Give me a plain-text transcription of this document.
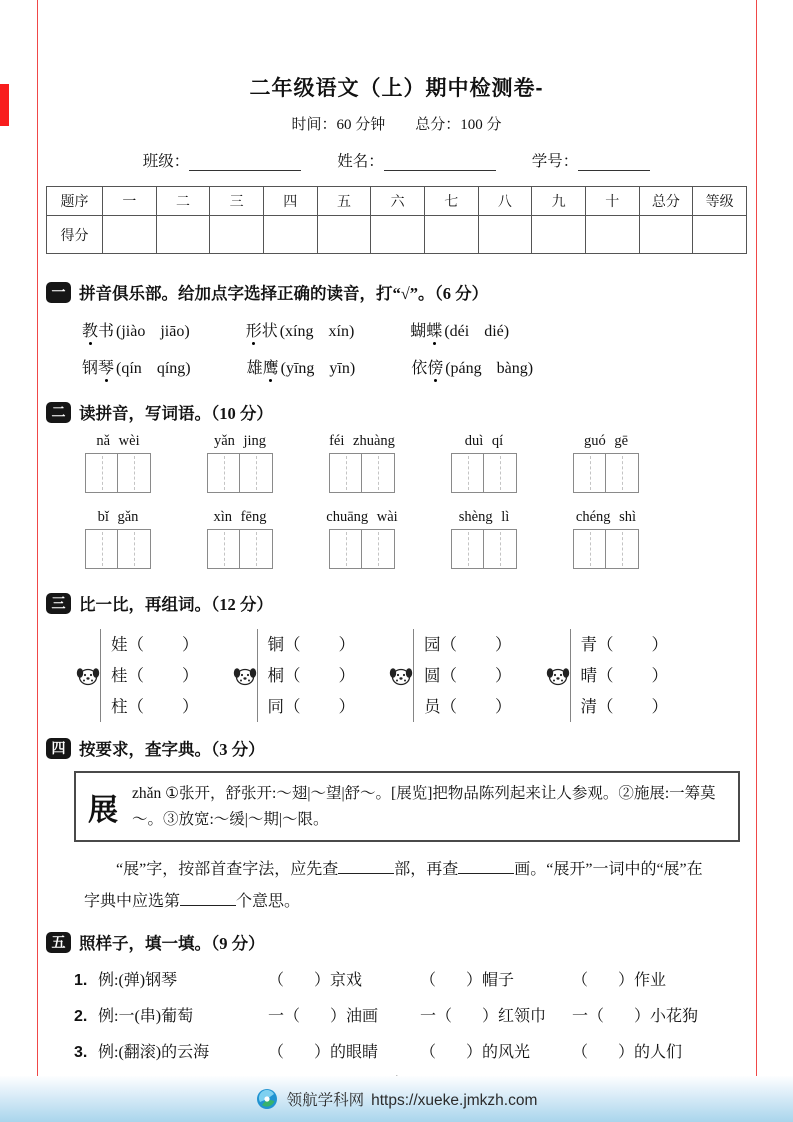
二年级语文（上）期中检测卷-
时间：60 分钟 总分：100 分
班级：	姓名：	学号：
题序	一	二	三	四	五	六	七	八	九	十	总分	等级
得分												
一 拼音俱乐部。给加点字选择正确的读音，打“√”。（6 分）
教书 (jiào jiāo)	形状 (xíng xín)	蝴蝶 (déi dié)
钢琴 (qín qíng)	雄鹰 (yīng yīn)	依傍 (páng bàng)
二 读拼音，写词语。（10 分）
nǎ wèi	yǎn jing	féi zhuàng	duì qí	guó gē
bǐ gǎn	xìn fēng	chuāng wài	shèng lì	chéng shì
三 比一比，再组词。（12 分）
娃（ ）
桂（ ）
柱（ ）
铜（ ）
桐（ ）
同（ ）
园（ ）
圆（ ）
员（ ）
青（ ）
晴（ ）
清（ ）
四 按要求，查字典。（3 分）
展
zhǎn ①张开，舒张开:～翅|～望|舒～。[展览]把物品陈列起来让人参观。②施展:一筹莫～。③放宽:～缓|～期|～限。
“展”字，按部首查字法，应先查	部，再查	画。“展开”一词中的“展”在字典中应选第	个意思。
五 照样子，填一填。（9 分）
1. 例:(弹)钢琴	（ ）京戏	（ ）帽子	（ ）作业
2. 例:一(串)葡萄	一（ ）油画	一（ ）红领巾	一（ ）小花狗
3. 例:(翻滚)的云海	（ ）的眼睛	（ ）的风光	（ ）的人们
领航学科网 https://xueke.jmkzh.com
